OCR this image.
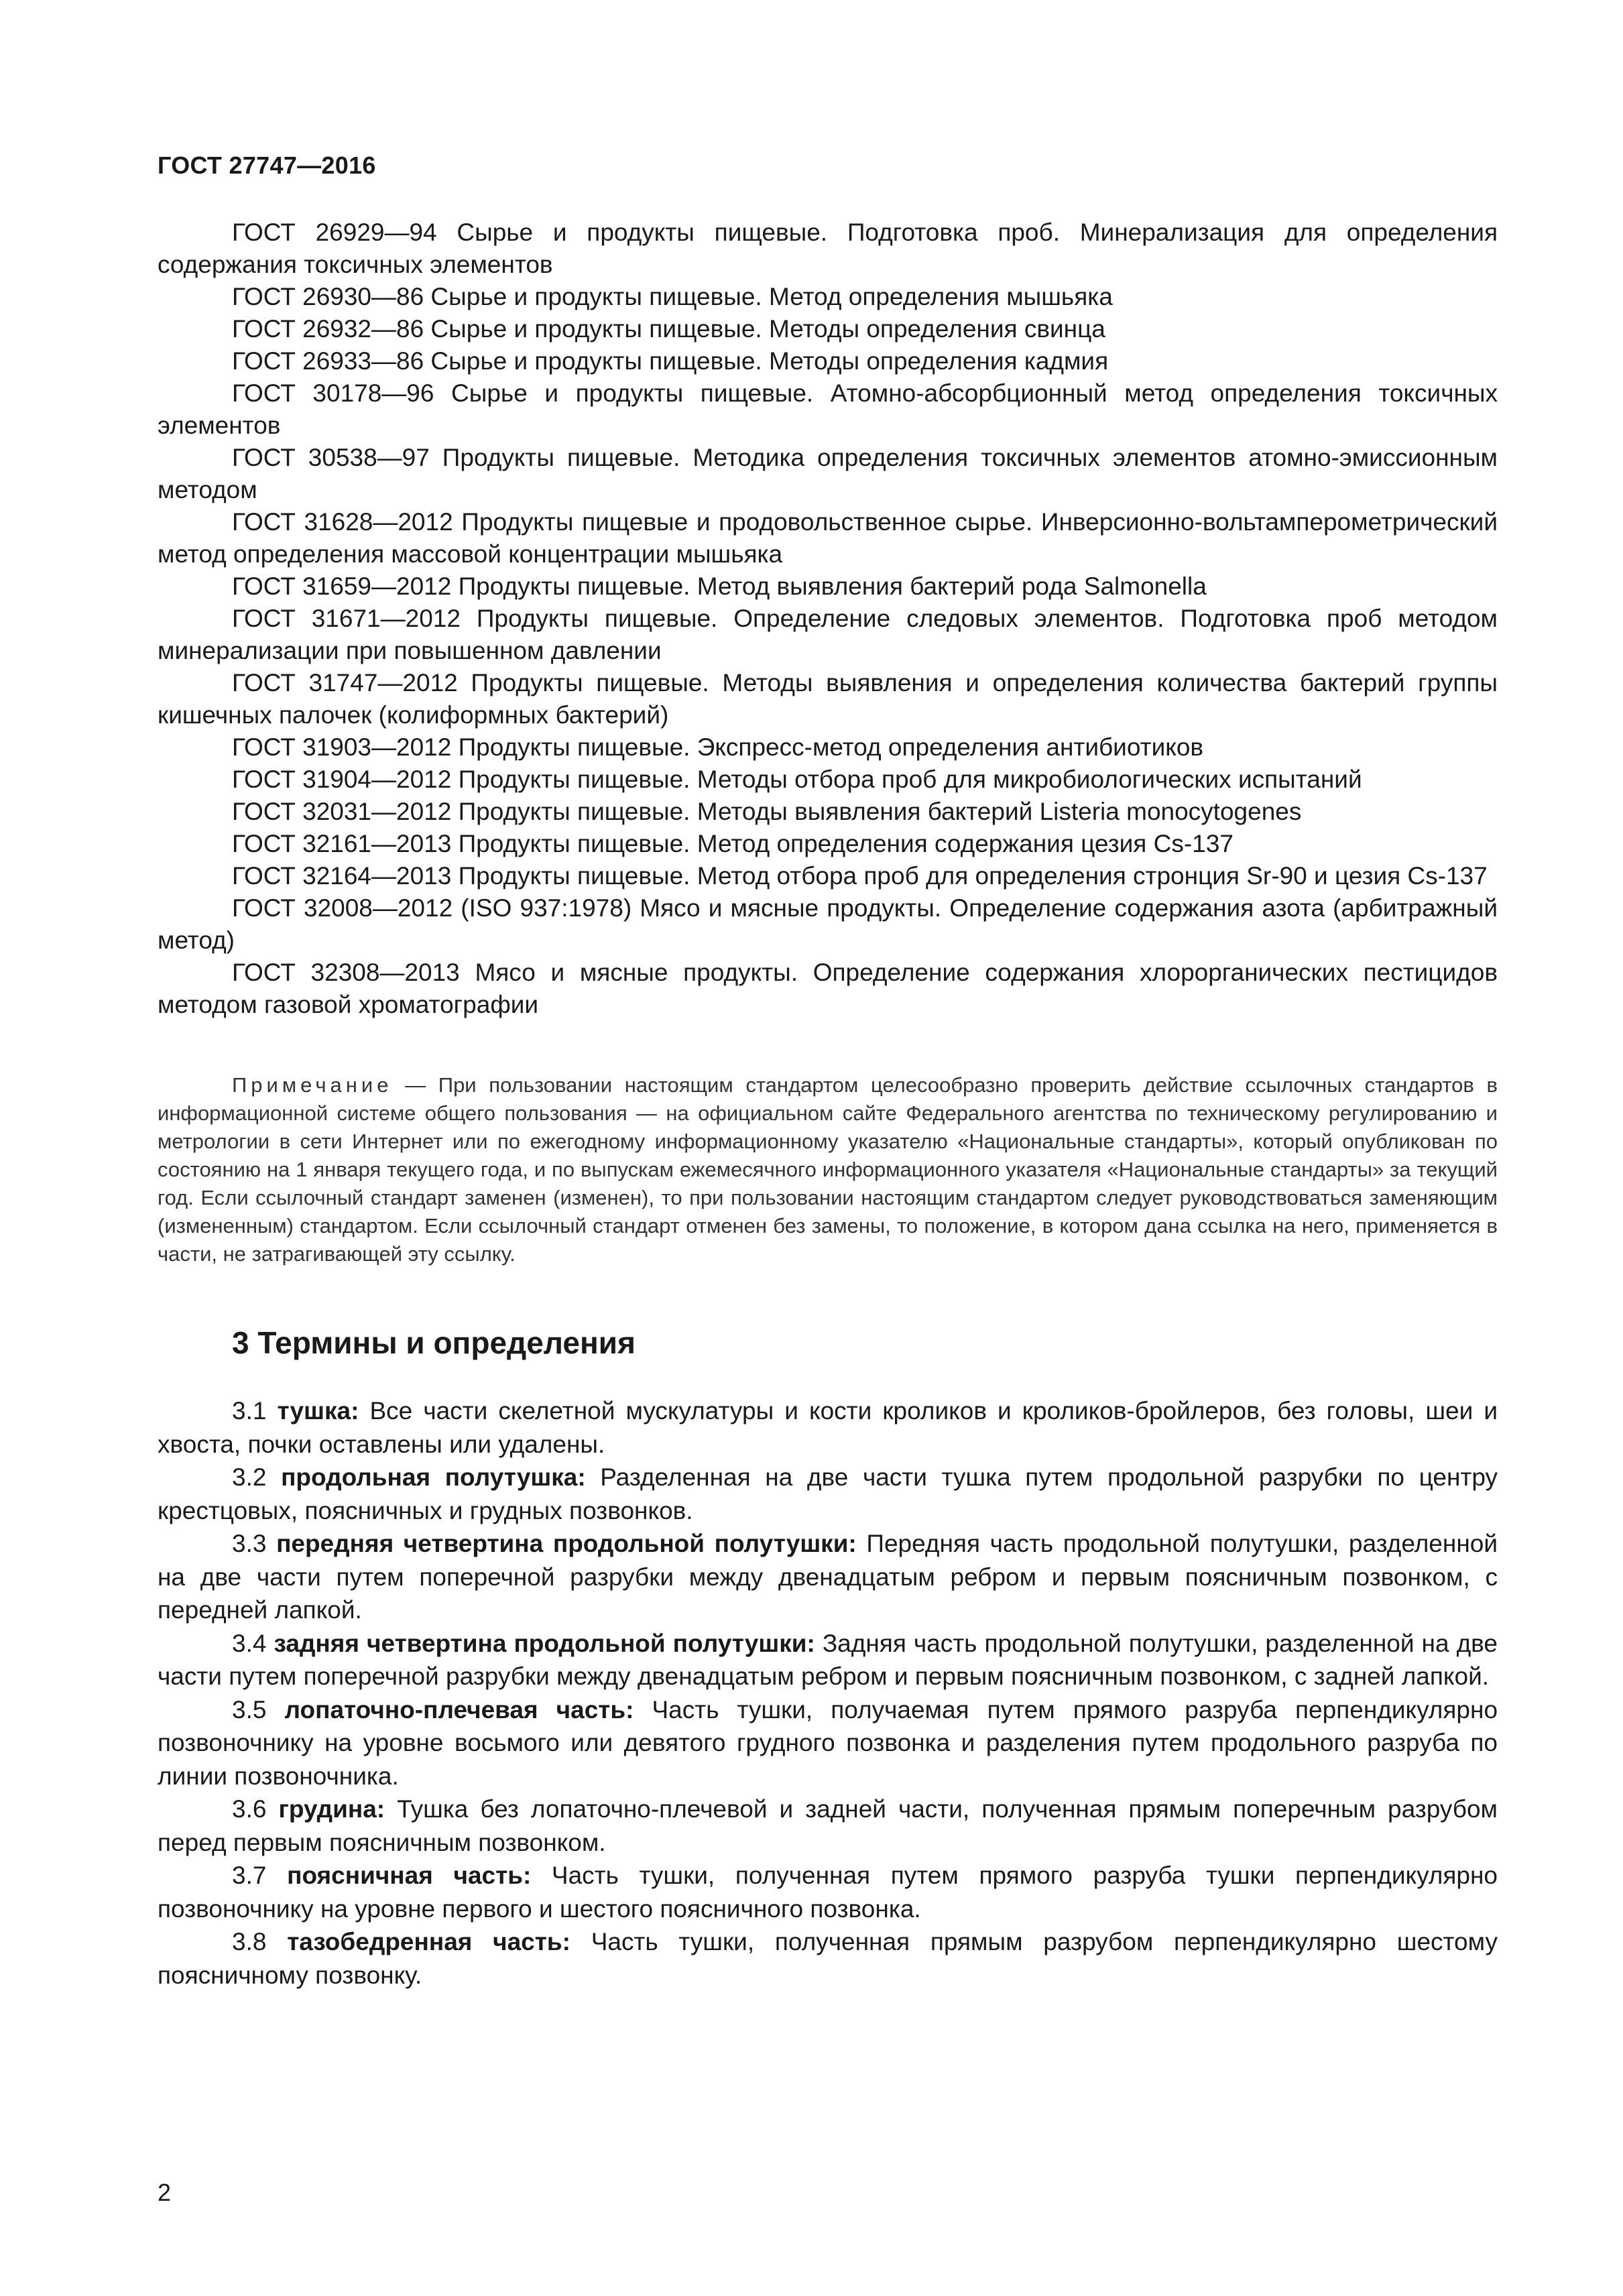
ГОСТ 27747—2016

ГОСТ 26929—94 Сырье и продукты пищевые. Подготовка проб. Минерализация для определения содержания токсичных элементов

ГОСТ 26930—86 Сырье и продукты пищевые. Метод определения мышьяка

ГОСТ 26932—86 Сырье и продукты пищевые. Методы определения свинца

ГОСТ 26933—86 Сырье и продукты пищевые. Методы определения кадмия

ГОСТ 30178—96 Сырье и продукты пищевые. Атомно-абсорбционный метод определения токсичных элементов

ГОСТ 30538—97 Продукты пищевые. Методика определения токсичных элементов атомно-эмиссионным методом

ГОСТ 31628—2012 Продукты пищевые и продовольственное сырье. Инверсионно-вольтамперометрический метод определения массовой концентрации мышьяка

ГОСТ 31659—2012 Продукты пищевые. Метод выявления бактерий рода Salmonella

ГОСТ 31671—2012 Продукты пищевые. Определение следовых элементов. Подготовка проб методом минерализации при повышенном давлении

ГОСТ 31747—2012 Продукты пищевые. Методы выявления и определения количества бактерий группы кишечных палочек (колиформных бактерий)

ГОСТ 31903—2012 Продукты пищевые. Экспресс-метод определения антибиотиков

ГОСТ 31904—2012 Продукты пищевые. Методы отбора проб для микробиологических испытаний

ГОСТ 32031—2012 Продукты пищевые. Методы выявления бактерий Listeria monocytogenes

ГОСТ 32161—2013 Продукты пищевые. Метод определения содержания цезия Cs-137

ГОСТ 32164—2013 Продукты пищевые. Метод отбора проб для определения стронция Sr-90 и цезия Cs-137

ГОСТ 32008—2012 (ISO 937:1978) Мясо и мясные продукты. Определение содержания азота (арбитражный метод)

ГОСТ 32308—2013 Мясо и мясные продукты. Определение содержания хлорорганических пестицидов методом газовой хроматографии

Примечание — При пользовании настоящим стандартом целесообразно проверить действие ссылочных стандартов в информационной системе общего пользования — на официальном сайте Федерального агентства по техническому регулированию и метрологии в сети Интернет или по ежегодному информационному указателю «Национальные стандарты», который опубликован по состоянию на 1 января текущего года, и по выпускам ежемесячного информационного указателя «Национальные стандарты» за текущий год. Если ссылочный стандарт заменен (изменен), то при пользовании настоящим стандартом следует руководствоваться заменяющим (измененным) стандартом. Если ссылочный стандарт отменен без замены, то положение, в котором дана ссылка на него, применяется в части, не затрагивающей эту ссылку.

3 Термины и определения

3.1 тушка: Все части скелетной мускулатуры и кости кроликов и кроликов-бройлеров, без головы, шеи и хвоста, почки оставлены или удалены.

3.2 продольная полутушка: Разделенная на две части тушка путем продольной разрубки по центру крестцовых, поясничных и грудных позвонков.

3.3 передняя четвертина продольной полутушки: Передняя часть продольной полутушки, разделенной на две части путем поперечной разрубки между двенадцатым ребром и первым поясничным позвонком, с передней лапкой.

3.4 задняя четвертина продольной полутушки: Задняя часть продольной полутушки, разделенной на две части путем поперечной разрубки между двенадцатым ребром и первым поясничным позвонком, с задней лапкой.

3.5 лопаточно-плечевая часть: Часть тушки, получаемая путем прямого разруба перпендикулярно позвоночнику на уровне восьмого или девятого грудного позвонка и разделения путем продольного разруба по линии позвоночника.

3.6 грудина: Тушка без лопаточно-плечевой и задней части, полученная прямым поперечным разрубом перед первым поясничным позвонком.

3.7 поясничная часть: Часть тушки, полученная путем прямого разруба тушки перпендикулярно позвоночнику на уровне первого и шестого поясничного позвонка.

3.8 тазобедренная часть: Часть тушки, полученная прямым разрубом перпендикулярно шестому поясничному позвонку.

2
